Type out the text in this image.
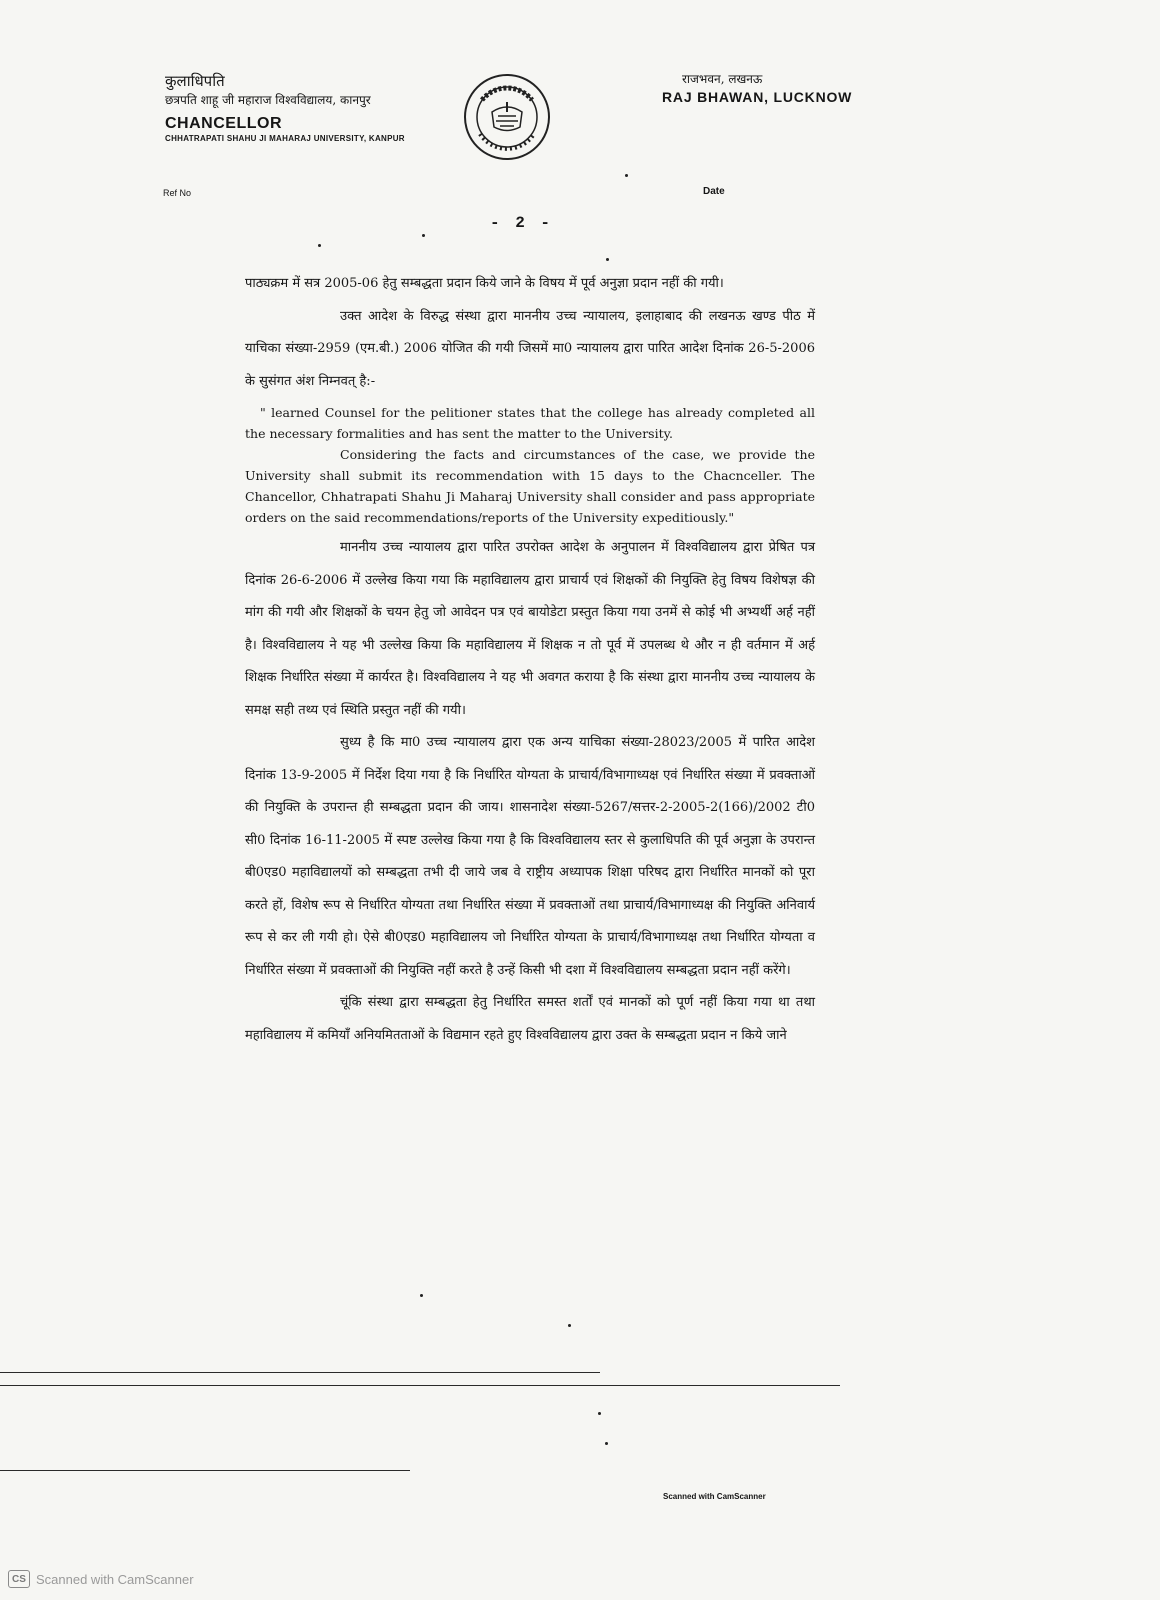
कुलाधिपति
छत्रपति शाहू जी महाराज विश्वविद्यालय, कानपुर
CHANCELLOR
CHHATRAPATI SHAHU JI MAHARAJ UNIVERSITY, KANPUR
राजभवन, लखनऊ
RAJ BHAWAN, LUCKNOW
Ref No	Date
- 2 -

पाठ्यक्रम में सत्र 2005-06 हेतु सम्बद्धता प्रदान किये जाने के विषय में पूर्व अनुज्ञा प्रदान नहीं की गयी।

उक्त आदेश के विरुद्ध संस्था द्वारा माननीय उच्च न्यायालय, इलाहाबाद की लखनऊ खण्ड पीठ में याचिका संख्या-2959 (एम.बी.) 2006 योजित की गयी जिसमें मा0 न्यायालय द्वारा पारित आदेश दिनांक 26-5-2006 के सुसंगत अंश निम्नवत् है:-

" learned Counsel for the pelitioner states that the college has already completed all the necessary formalities and has sent the matter to the University.

Considering the facts and circumstances of the case, we provide the University shall submit its recommendation with 15 days to the Chacnceller. The Chancellor, Chhatrapati Shahu Ji Maharaj University shall consider and pass appropriate orders on the said recommendations/reports of the University expeditiously."

माननीय उच्च न्यायालय द्वारा पारित उपरोक्त आदेश के अनुपालन में विश्वविद्यालय द्वारा प्रेषित पत्र दिनांक 26-6-2006 में उल्लेख किया गया कि महाविद्यालय द्वारा प्राचार्य एवं शिक्षकों की नियुक्ति हेतु विषय विशेषज्ञ की मांग की गयी और शिक्षकों के चयन हेतु जो आवेदन पत्र एवं बायोडेटा प्रस्तुत किया गया उनमें से कोई भी अभ्यर्थी अर्ह नहीं है। विश्वविद्यालय ने यह भी उल्लेख किया कि महाविद्यालय में शिक्षक न तो पूर्व में उपलब्ध थे और न ही वर्तमान में अर्ह शिक्षक निर्धारित संख्या में कार्यरत है। विश्वविद्यालय ने यह भी अवगत कराया है कि संस्था द्वारा माननीय उच्च न्यायालय के समक्ष सही तथ्य एवं स्थिति प्रस्तुत नहीं की गयी।

सुध्य है कि मा0 उच्च न्यायालय द्वारा एक अन्य याचिका संख्या-28023/2005 में पारित आदेश दिनांक 13-9-2005 में निर्देश दिया गया है कि निर्धारित योग्यता के प्राचार्य/विभागाध्यक्ष एवं निर्धारित संख्या में प्रवक्ताओं की नियुक्ति के उपरान्त ही सम्बद्धता प्रदान की जाय। शासनादेश संख्या-5267/सत्तर-2-2005-2(166)/2002 टी0 सी0 दिनांक 16-11-2005 में स्पष्ट उल्लेख किया गया है कि विश्वविद्यालय स्तर से कुलाधिपति की पूर्व अनुज्ञा के उपरान्त बी0एड0 महाविद्यालयों को सम्बद्धता तभी दी जाये जब वे राष्ट्रीय अध्यापक शिक्षा परिषद द्वारा निर्धारित मानकों को पूरा करते हों, विशेष रूप से निर्धारित योग्यता तथा निर्धारित संख्या में प्रवक्ताओं तथा प्राचार्य/विभागाध्यक्ष की नियुक्ति अनिवार्य रूप से कर ली गयी हो। ऐसे बी0एड0 महाविद्यालय जो निर्धारित योग्यता के प्राचार्य/विभागाध्यक्ष तथा निर्धारित योग्यता व निर्धारित संख्या में प्रवक्ताओं की नियुक्ति नहीं करते है उन्हें किसी भी दशा में विश्वविद्यालय सम्बद्धता प्रदान नहीं करेंगे।

चूंकि संस्था द्वारा सम्बद्धता हेतु निर्धारित समस्त शर्तों एवं मानकों को पूर्ण नहीं किया गया था तथा महाविद्यालय में कमियाँ अनियमितताओं के विद्यमान रहते हुए विश्वविद्यालय द्वारा उक्त के सम्बद्धता प्रदान न किये जाने

Scanned with CamScanner
CS Scanned with CamScanner
